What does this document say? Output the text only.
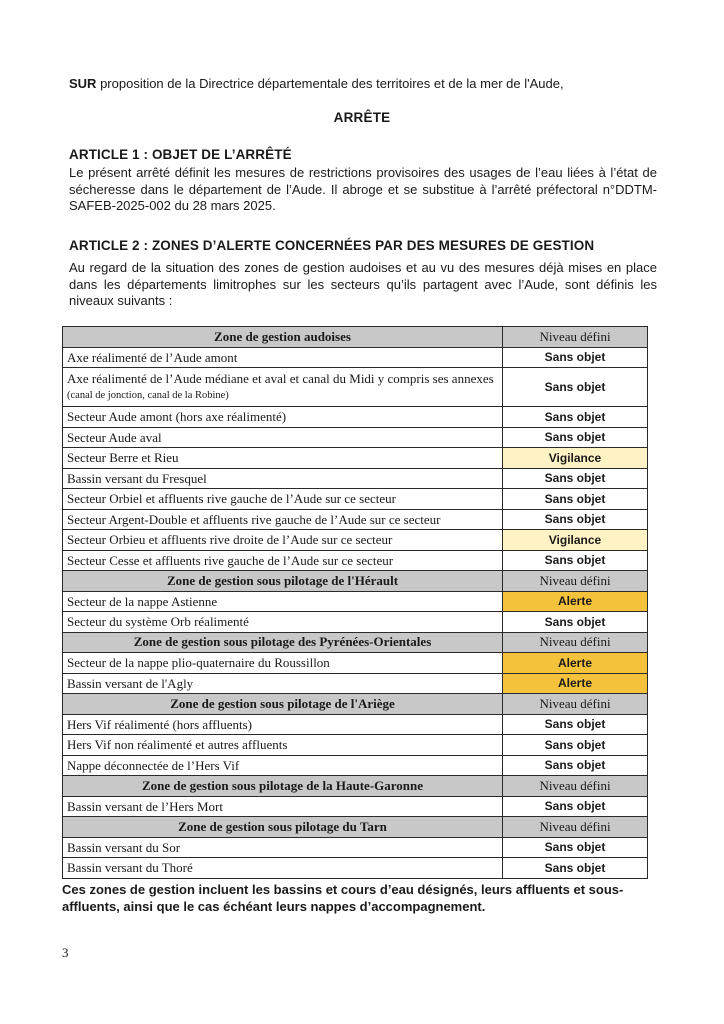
SUR proposition de la Directrice départementale des territoires et de la mer de l'Aude,
ARRÊTE
ARTICLE 1 : OBJET DE L’ARRÊTÉ
Le présent arrêté définit les mesures de restrictions provisoires des usages de l’eau liées à l’état de sécheresse dans le département de l’Aude. Il abroge et se substitue à l’arrêté préfectoral n°DDTM-SAFEB-2025-002 du 28 mars 2025.
ARTICLE 2 : ZONES D’ALERTE CONCERNÉES PAR DES MESURES DE GESTION
Au regard de la situation des zones de gestion audoises et au vu des mesures déjà mises en place dans les départements limitrophes sur les secteurs qu’ils partagent avec l’Aude, sont définis les niveaux suivants :
Zone de gestion audoises	Niveau défini
Axe réalimenté de l’Aude amont	Sans objet
Axe réalimenté de l’Aude médiane et aval et canal du Midi y compris ses annexes (canal de jonction, canal de la Robine)	Sans objet
Secteur Aude amont (hors axe réalimenté)	Sans objet
Secteur Aude aval	Sans objet
Secteur Berre et Rieu	Vigilance
Bassin versant du Fresquel	Sans objet
Secteur Orbiel et affluents rive gauche de l’Aude sur ce secteur	Sans objet
Secteur Argent-Double et affluents rive gauche de l’Aude sur ce secteur	Sans objet
Secteur Orbieu et affluents rive droite de l’Aude sur ce secteur	Vigilance
Secteur Cesse et affluents rive gauche de l’Aude sur ce secteur	Sans objet
Zone de gestion sous pilotage de l'Hérault	Niveau défini
Secteur de la nappe Astienne	Alerte
Secteur du système Orb réalimenté	Sans objet
Zone de gestion sous pilotage des Pyrénées-Orientales	Niveau défini
Secteur de la nappe plio-quaternaire du Roussillon	Alerte
Bassin versant de l'Agly	Alerte
Zone de gestion sous pilotage de l'Ariège	Niveau défini
Hers Vif réalimenté (hors affluents)	Sans objet
Hers Vif non réalimenté et autres affluents	Sans objet
Nappe déconnectée de l’Hers Vif	Sans objet
Zone de gestion sous pilotage de la Haute-Garonne	Niveau défini
Bassin versant de l’Hers Mort	Sans objet
Zone de gestion sous pilotage du Tarn	Niveau défini
Bassin versant du Sor	Sans objet
Bassin versant du Thoré	Sans objet
Ces zones de gestion incluent les bassins et cours d’eau désignés, leurs affluents et sous-affluents, ainsi que le cas échéant leurs nappes d’accompagnement.
3
